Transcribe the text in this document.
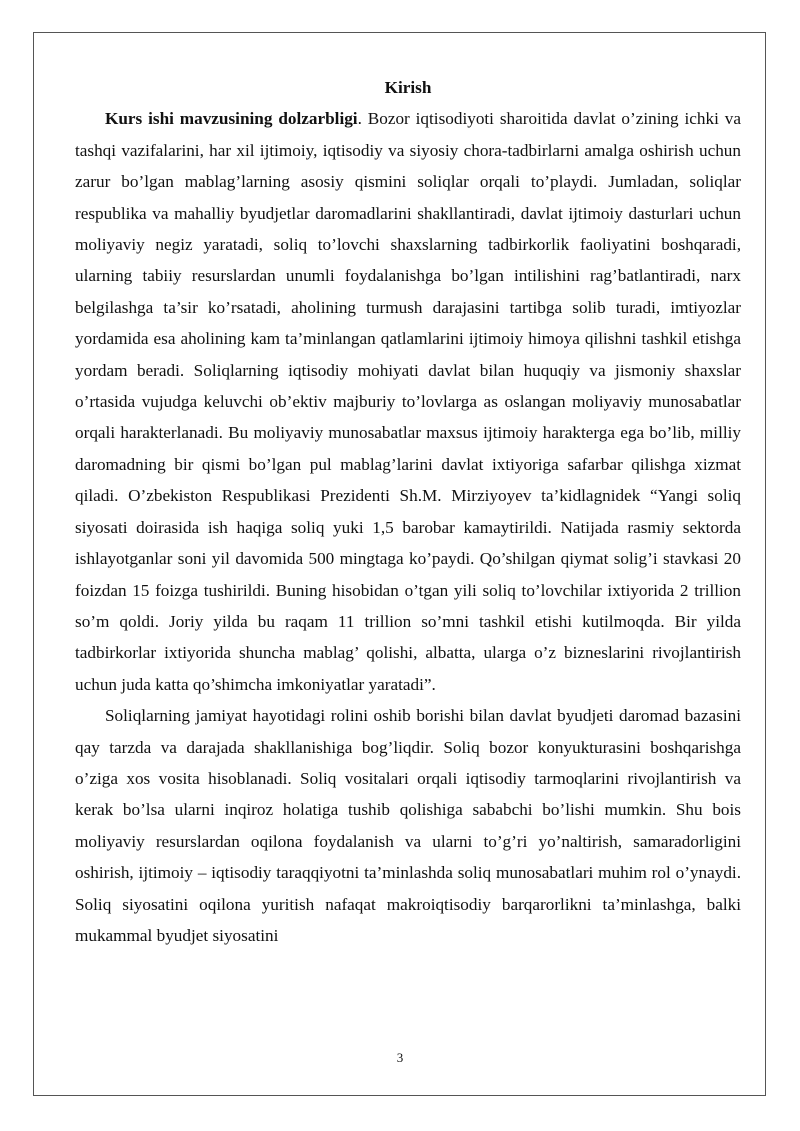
Kirish

Kurs ishi mavzusining dolzarbligi. Bozor iqtisodiyoti sharoitida davlat o’zining ichki va tashqi vazifalarini, har xil ijtimoiy, iqtisodiy va siyosiy chora-tadbirlarni amalga oshirish uchun zarur bo’lgan mablag’larning asosiy qismini soliqlar orqali to’playdi. Jumladan, soliqlar respublika va mahalliy byudjetlar daromadlarini shakllantiradi, davlat ijtimoiy dasturlari uchun moliyaviy negiz yaratadi, soliq to’lovchi shaxslarning tadbirkorlik faoliyatini boshqaradi, ularning tabiiy resurslardan unumli foydalanishga bo’lgan intilishini rag’batlantiradi, narx belgilashga ta’sir ko’rsatadi, aholining turmush darajasini tartibga solib turadi, imtiyozlar yordamida esa aholining kam ta’minlangan qatlamlarini ijtimoiy himoya qilishni tashkil etishga yordam beradi. Soliqlarning iqtisodiy mohiyati davlat bilan huquqiy va jismoniy shaxslar o’rtasida vujudga keluvchi ob’ektiv majburiy to’lovlarga as oslangan moliyaviy munosabatlar orqali harakterlanadi. Bu moliyaviy munosabatlar maxsus ijtimoiy harakterga ega bo’lib, milliy daromadning bir qismi bo’lgan pul mablag’larini davlat ixtiyoriga safarbar qilishga xizmat qiladi. O’zbekiston Respublikasi Prezidenti Sh.M. Mirziyoyev ta’kidlagnidek “Yangi soliq siyosati doirasida ish haqiga soliq yuki 1,5 barobar kamaytirildi. Natijada rasmiy sektorda ishlayotganlar soni yil davomida 500 mingtaga ko’paydi. Qo’shilgan qiymat solig’i stavkasi 20 foizdan 15 foizga tushirildi. Buning hisobidan o’tgan yili soliq to’lovchilar ixtiyorida 2 trillion so’m qoldi. Joriy yilda bu raqam 11 trillion so’mni tashkil etishi kutilmoqda. Bir yilda tadbirkorlar ixtiyorida shuncha mablag’ qolishi, albatta, ularga o’z bizneslarini rivojlantirish uchun juda katta qo’shimcha imkoniyatlar yaratadi”.

Soliqlarning jamiyat hayotidagi rolini oshib borishi bilan davlat byudjeti daromad bazasini qay tarzda va darajada shakllanishiga bog’liqdir. Soliq bozor konyukturasini boshqarishga o’ziga xos vosita hisoblanadi. Soliq vositalari orqali iqtisodiy tarmoqlarini rivojlantirish va kerak bo’lsa ularni inqiroz holatiga tushib qolishiga sababchi bo’lishi mumkin. Shu bois moliyaviy resurslardan oqilona foydalanish va ularni to’g’ri yo’naltirish, samaradorligini oshirish, ijtimoiy – iqtisodiy taraqqiyotni ta’minlashda soliq munosabatlari muhim rol o’ynaydi. Soliq siyosatini oqilona yuritish nafaqat makroiqtisodiy barqarorlikni ta’minlashga, balki mukammal byudjet siyosatini

3
